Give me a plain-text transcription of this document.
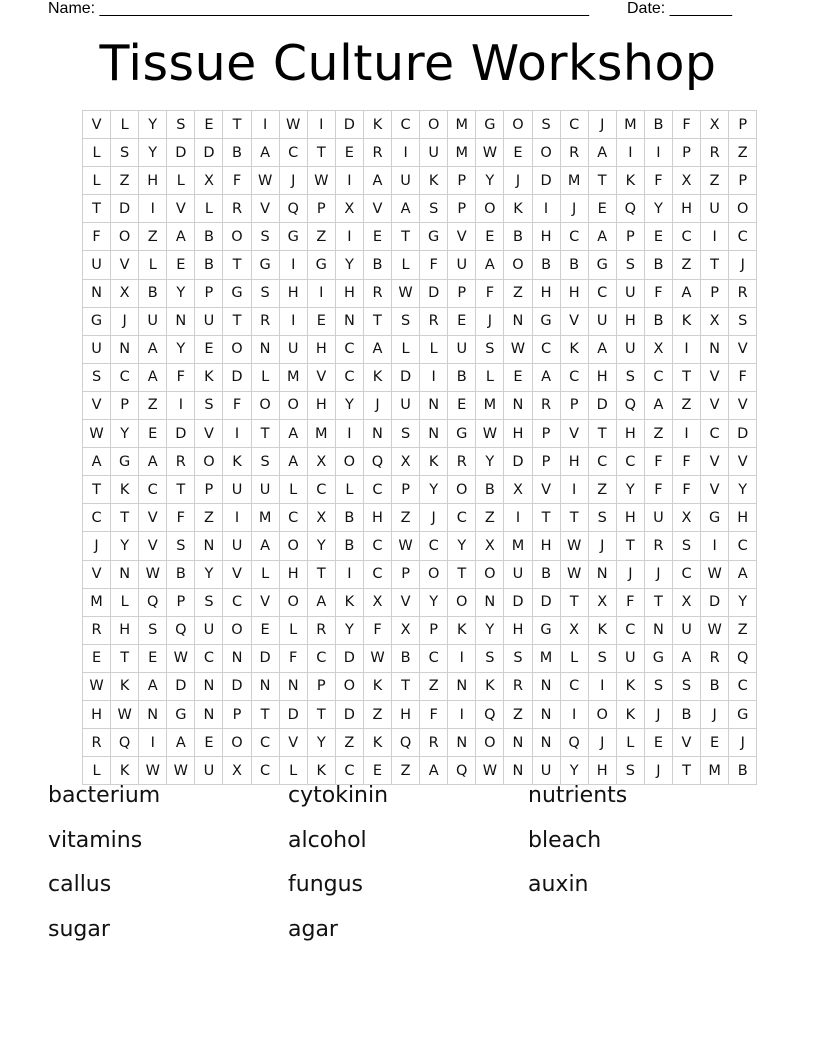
Name: _______________________________________________________ Date: _______
Tissue Culture Workshop
V	L	Y	S	E	T	I	W	I	D	K	C	O	M	G	O	S	C	J	M	B	F	X	P
L	S	Y	D	D	B	A	C	T	E	R	I	U	M	W	E	O	R	A	I	I	P	R	Z
L	Z	H	L	X	F	W	J	W	I	A	U	K	P	Y	J	D	M	T	K	F	X	Z	P
T	D	I	V	L	R	V	Q	P	X	V	A	S	P	O	K	I	J	E	Q	Y	H	U	O
F	O	Z	A	B	O	S	G	Z	I	E	T	G	V	E	B	H	C	A	P	E	C	I	C
U	V	L	E	B	T	G	I	G	Y	B	L	F	U	A	O	B	B	G	S	B	Z	T	J
N	X	B	Y	P	G	S	H	I	H	R	W	D	P	F	Z	H	H	C	U	F	A	P	R
G	J	U	N	U	T	R	I	E	N	T	S	R	E	J	N	G	V	U	H	B	K	X	S
U	N	A	Y	E	O	N	U	H	C	A	L	L	U	S	W	C	K	A	U	X	I	N	V
S	C	A	F	K	D	L	M	V	C	K	D	I	B	L	E	A	C	H	S	C	T	V	F
V	P	Z	I	S	F	O	O	H	Y	J	U	N	E	M	N	R	P	D	Q	A	Z	V	V
W	Y	E	D	V	I	T	A	M	I	N	S	N	G	W	H	P	V	T	H	Z	I	C	D
A	G	A	R	O	K	S	A	X	O	Q	X	K	R	Y	D	P	H	C	C	F	F	V	V
T	K	C	T	P	U	U	L	C	L	C	P	Y	O	B	X	V	I	Z	Y	F	F	V	Y
C	T	V	F	Z	I	M	C	X	B	H	Z	J	C	Z	I	T	T	S	H	U	X	G	H
J	Y	V	S	N	U	A	O	Y	B	C	W	C	Y	X	M	H	W	J	T	R	S	I	C
V	N	W	B	Y	V	L	H	T	I	C	P	O	T	O	U	B	W	N	J	J	C	W	A
M	L	Q	P	S	C	V	O	A	K	X	V	Y	O	N	D	D	T	X	F	T	X	D	Y
R	H	S	Q	U	O	E	L	R	Y	F	X	P	K	Y	H	G	X	K	C	N	U	W	Z
E	T	E	W	C	N	D	F	C	D	W	B	C	I	S	S	M	L	S	U	G	A	R	Q
W	K	A	D	N	D	N	N	P	O	K	T	Z	N	K	R	N	C	I	K	S	S	B	C
H	W	N	G	N	P	T	D	T	D	Z	H	F	I	Q	Z	N	I	O	K	J	B	J	G
R	Q	I	A	E	O	C	V	Y	Z	K	Q	R	N	O	N	N	Q	J	L	E	V	E	J
L	K	W	W	U	X	C	L	K	C	E	Z	A	Q	W	N	U	Y	H	S	J	T	M	B
bacterium	cytokinin	nutrients
vitamins	alcohol	bleach
callus	fungus	auxin
sugar	agar
